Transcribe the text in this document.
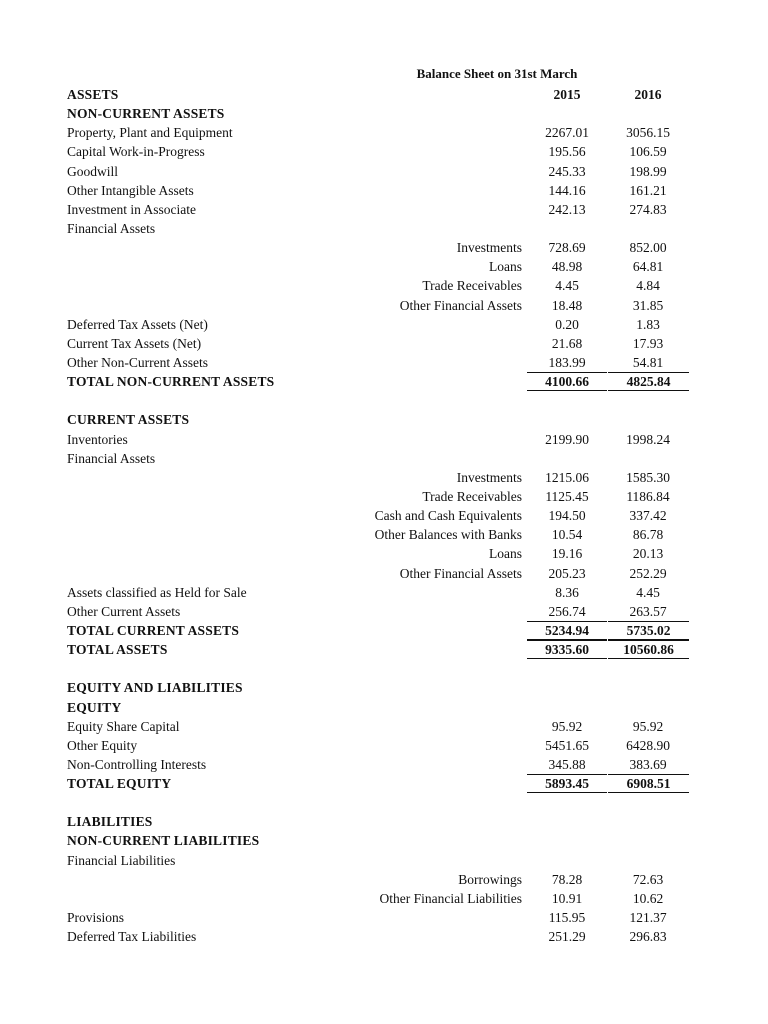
Balance Sheet on 31st March
ASSETS	2015	2016
NON-CURRENT ASSETS
Property, Plant and Equipment	2267.01	3056.15
Capital Work-in-Progress	195.56	106.59
Goodwill	245.33	198.99
Other Intangible Assets	144.16	161.21
Investment in Associate	242.13	274.83
Financial Assets
Investments	728.69	852.00
Loans	48.98	64.81
Trade Receivables	4.45	4.84
Other Financial Assets	18.48	31.85
Deferred Tax Assets (Net)	0.20	1.83
Current Tax Assets (Net)	21.68	17.93
Other Non-Current Assets	183.99	54.81
TOTAL NON-CURRENT ASSETS	4100.66	4825.84
CURRENT ASSETS
Inventories	2199.90	1998.24
Financial Assets
Investments	1215.06	1585.30
Trade Receivables	1125.45	1186.84
Cash and Cash Equivalents	194.50	337.42
Other Balances with Banks	10.54	86.78
Loans	19.16	20.13
Other Financial Assets	205.23	252.29
Assets classified as Held for Sale	8.36	4.45
Other Current Assets	256.74	263.57
TOTAL CURRENT ASSETS	5234.94	5735.02
TOTAL ASSETS	9335.60	10560.86
EQUITY AND LIABILITIES
EQUITY
Equity Share Capital	95.92	95.92
Other Equity	5451.65	6428.90
Non-Controlling Interests	345.88	383.69
TOTAL EQUITY	5893.45	6908.51
LIABILITIES
NON-CURRENT LIABILITIES
Financial Liabilities
Borrowings	78.28	72.63
Other Financial Liabilities	10.91	10.62
Provisions	115.95	121.37
Deferred Tax Liabilities	251.29	296.83
